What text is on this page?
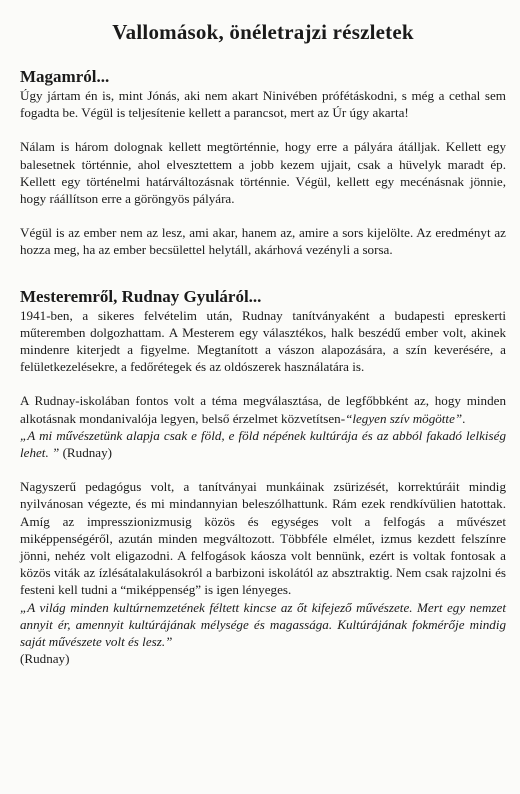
Vallomások, önéletrajzi részletek
Magamról...

Úgy jártam én is, mint Jónás, aki nem akart Ninivében prófétáskodni, s még a cethal sem fogadta be. Végül is teljesítenie kellett a parancsot, mert az Úr úgy akarta!

Nálam is három dolognak kellett megtörténnie, hogy erre a pályára átálljak. Kellett egy balesetnek történnie, ahol elvesztettem a jobb kezem ujjait, csak a hüvelyk maradt ép. Kellett egy történelmi határváltozásnak történnie. Végül, kellett egy mecénásnak jönnie, hogy ráállítson erre a göröngyös pályára.

Végül is az ember nem az lesz, ami akar, hanem az, amire a sors kijelölte. Az eredményt az hozza meg, ha az ember becsülettel helytáll, akárhová vezényli a sorsa.

Mesteremről, Rudnay Gyuláról...

1941-ben, a sikeres felvételim után, Rudnay tanítványaként a budapesti epreskerti műteremben dolgozhattam. A Mesterem egy választékos, halk beszédű ember volt, akinek mindenre kiterjedt a figyelme. Megtanított a vászon alapozására, a szín keverésére, a felületkezelésekre, a fedőrétegek és az oldószerek használatára is.

A Rudnay-iskolában fontos volt a téma megválasztása, de legfőbbként az, hogy minden alkotásnak mondanivalója legyen, belső érzelmet közvetítsen-“legyen szív mögötte”.

„A mi művészetünk alapja csak e föld, e föld népének kultúrája és az abból fakadó lelkiség lehet. ” (Rudnay)

Nagyszerű pedagógus volt, a tanítványai munkáinak zsürizését, korrektúráit mindig nyilvánosan végezte, és mi mindannyian beleszólhattunk. Rám ezek rendkívülien hatottak. Amíg az impresszionizmusig közös és egységes volt a felfogás a művészet miképpenségéről, azután minden megváltozott. Többféle elmélet, izmus kezdett felszínre jönni, nehéz volt eligazodni. A felfogások káosza volt bennünk, ezért is voltak fontosak a közös viták az ízlésátalakulásokról a barbizoni iskolától az absztraktig. Nem csak rajzolni és festeni kell tudni a “miképpenség” is igen lényeges.

„A világ minden kultúrnemzetének féltett kincse az őt kifejező művészete. Mert egy nemzet annyit ér, amennyit kultúrájának mélysége és magassága. Kultúrájának fokmérője mindig saját művészete volt és lesz.”

(Rudnay)
